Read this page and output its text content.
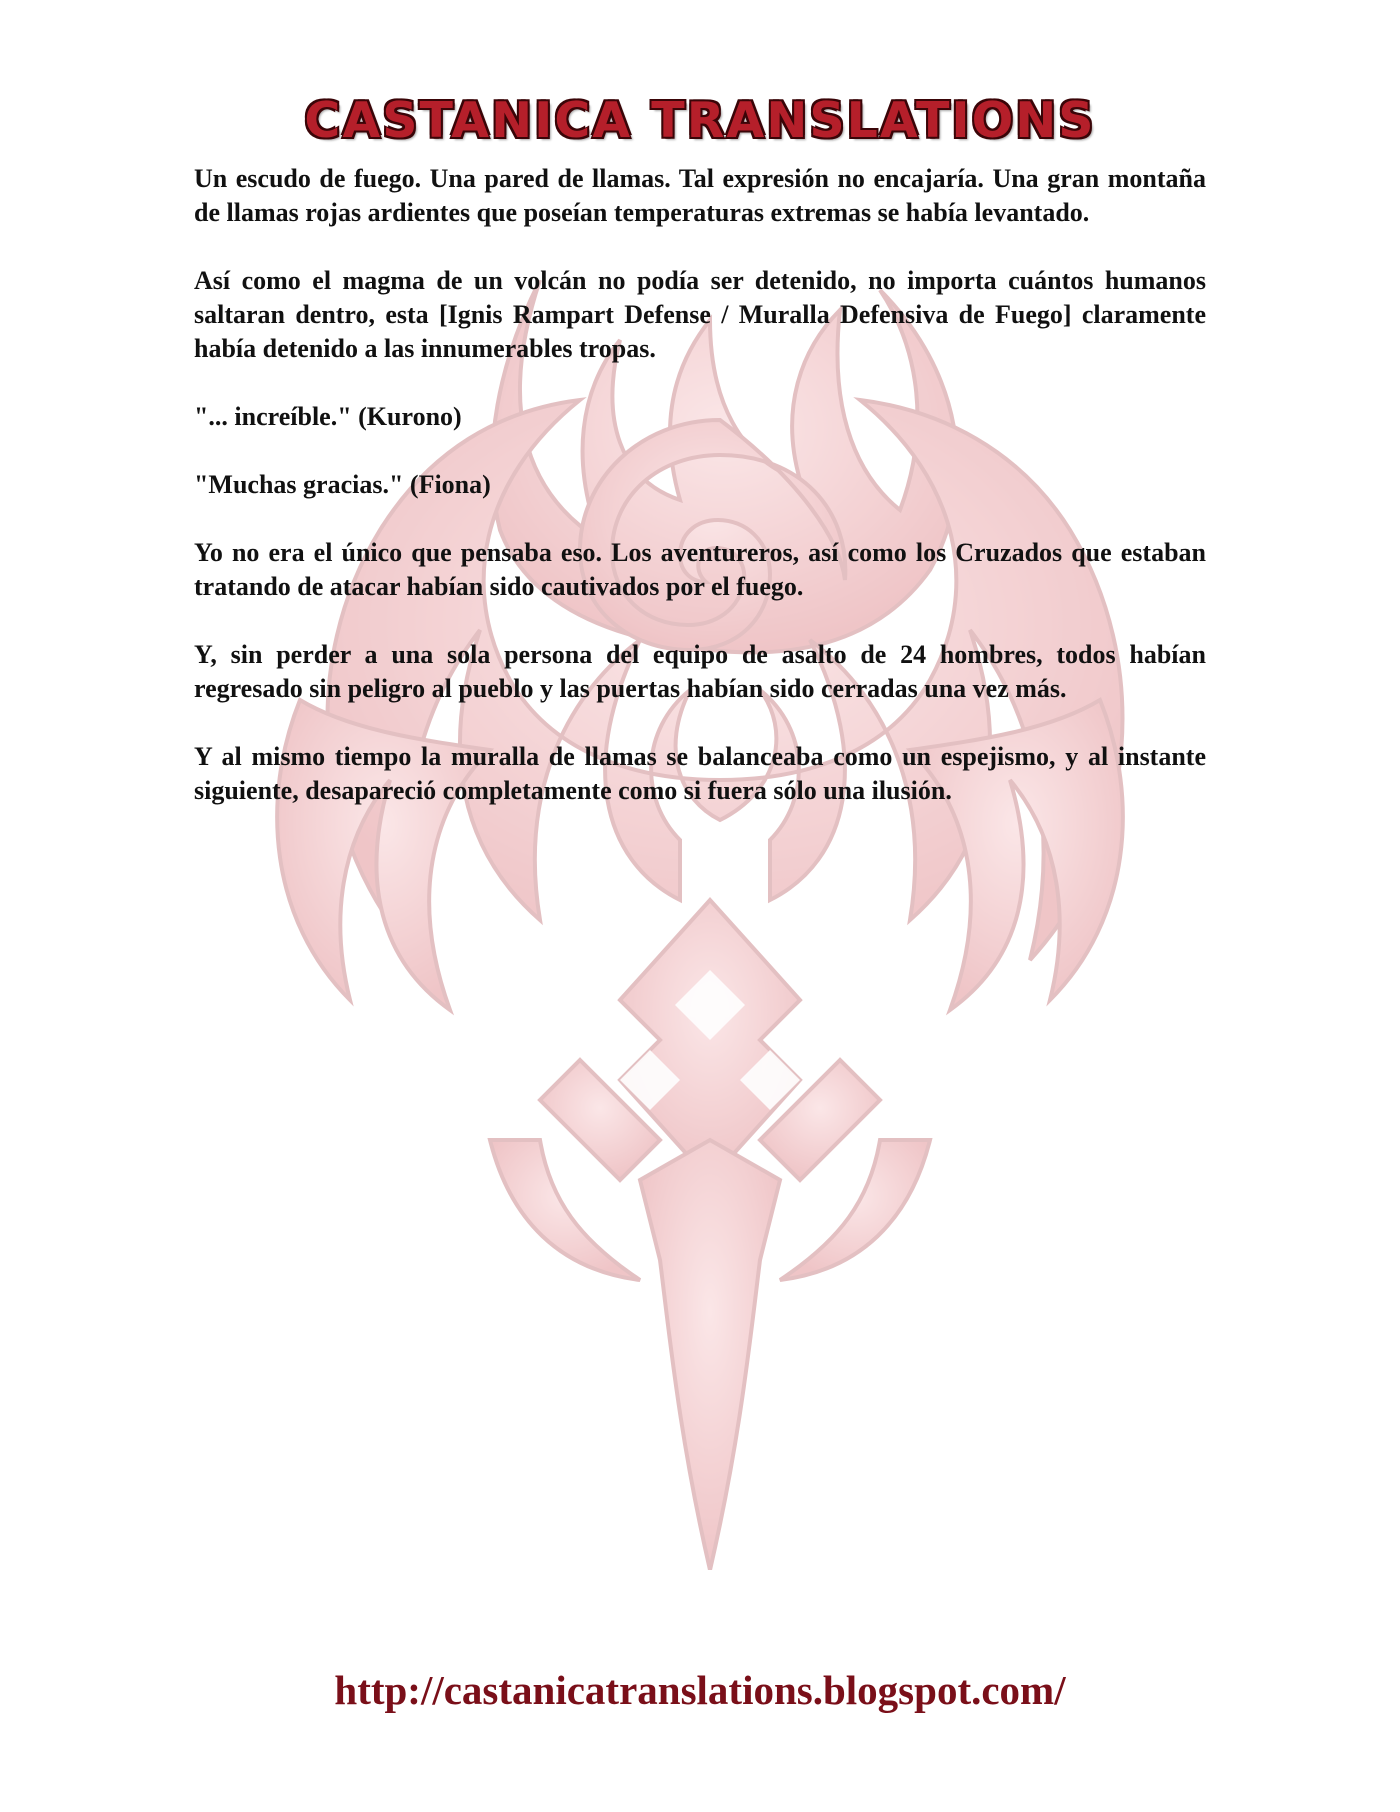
CASTANICA TRANSLATIONS

Un escudo de fuego. Una pared de llamas. Tal expresión no encajaría. Una gran montaña de llamas rojas ardientes que poseían temperaturas extremas se había levantado.

Así como el magma de un volcán no podía ser detenido, no importa cuántos humanos saltaran dentro, esta [Ignis Rampart Defense / Muralla Defensiva de Fuego] claramente había detenido a las innumerables tropas.

"... increíble." (Kurono)

"Muchas gracias." (Fiona)

Yo no era el único que pensaba eso. Los aventureros, así como los Cruzados que estaban tratando de atacar habían sido cautivados por el fuego.

Y, sin perder a una sola persona del equipo de asalto de 24 hombres, todos habían regresado sin peligro al pueblo y las puertas habían sido cerradas una vez más.

Y al mismo tiempo la muralla de llamas se balanceaba como un espejismo, y al instante siguiente, desapareció completamente como si fuera sólo una ilusión.

http://castanicatranslations.blogspot.com/
